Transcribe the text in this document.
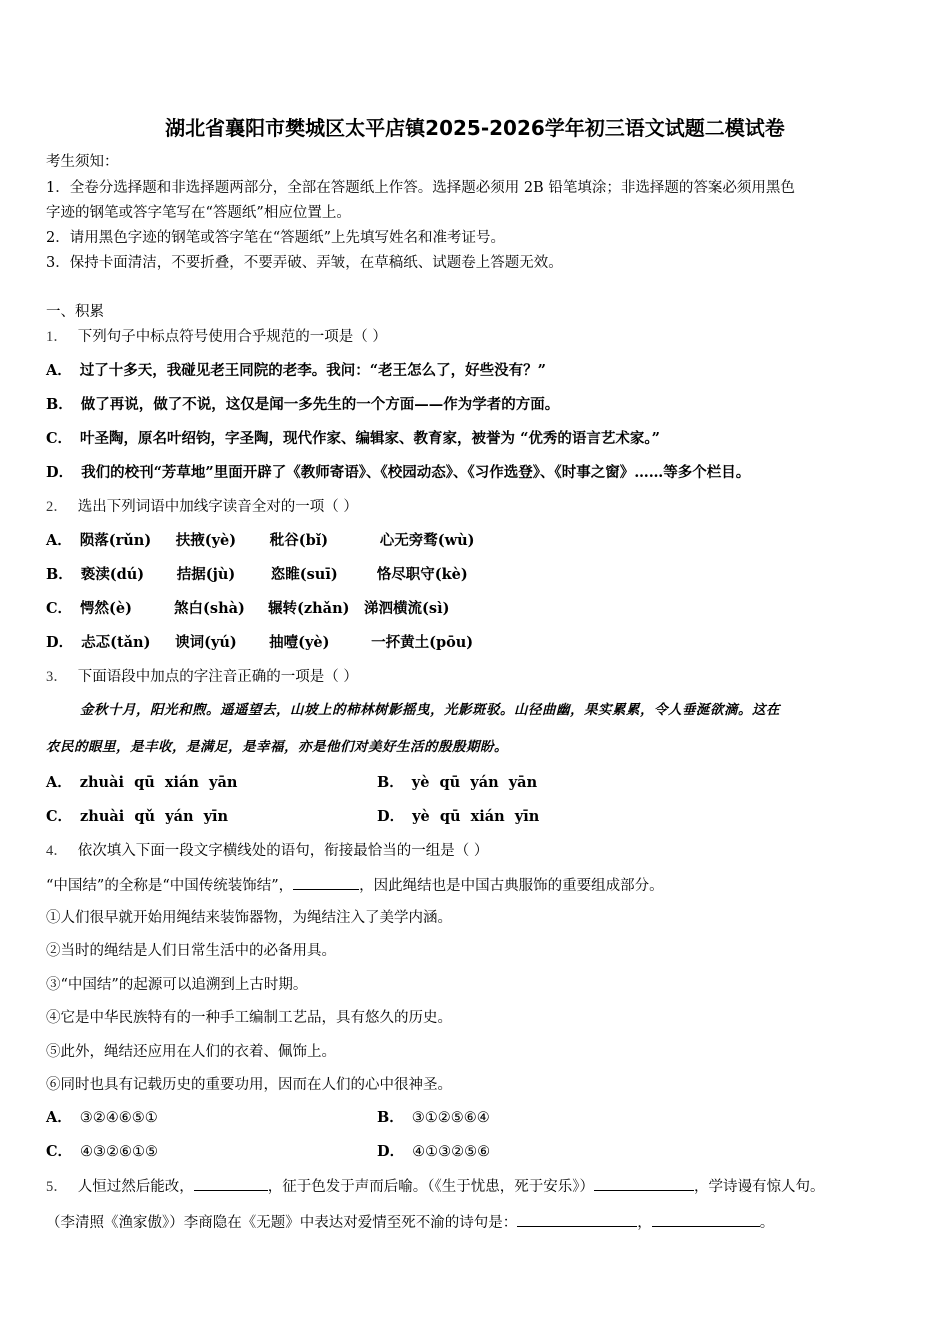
湖北省襄阳市樊城区太平店镇2025-2026学年初三语文试题二模试卷
考生须知：
1．全卷分选择题和非选择题两部分，全部在答题纸上作答。选择题必须用 2B 铅笔填涂；非选择题的答案必须用黑色
字迹的钢笔或答字笔写在“答题纸”相应位置上。
2．请用黑色字迹的钢笔或答字笔在“答题纸”上先填写姓名和准考证号。
3．保持卡面清洁，不要折叠，不要弄破、弄皱，在草稿纸、试题卷上答题无效。
一、积累
1． 下列句子中标点符号使用合乎规范的一项是（ ）
A． 过了十多天，我碰见老王同院的老李。我问：“老王怎么了，好些没有？”
B． 做了再说，做了不说，这仅是闻一多先生的一个方面——作为学者的方面。
C． 叶圣陶，原名叶绍钧，字圣陶，现代作家、编辑家、教育家，被誉为 “优秀的语言艺术家。”
D． 我们的校刊“芳草地”里面开辟了《教师寄语》、《校园动态》、《习作选登》、《时事之窗》……等多个栏目。
2． 选出下列词语中加线字读音全对的一项（ ）
A． 陨落(rǔn) 扶掖(yè) 秕谷(bǐ)	心无旁骛(wù)
B． 亵渎(dú) 拮据(jù) 恣睢(suī)	恪尽职守(kè)
C． 愕然(è)	煞白(shà) 辗转(zhǎn) 涕泗横流(sì)
D． 忐忑(tǎn) 谀词(yú) 抽噎(yè)	一抔黄土(pōu)
3． 下面语段中加点的字注音正确的一项是（ ）
金秋十月，阳光和煦。遥遥望去，山坡上的柿林树影摇曳，光影斑驳。山径曲幽，果实累累，令人垂涎欲滴。这在
农民的眼里，是丰收，是满足，是幸福，亦是他们对美好生活的殷殷期盼。
A． zhuài  qū  xián  yān	B． yè  qū  yán  yān
C． zhuài  qǔ  yán  yīn	D． yè  qū  xián  yīn
4． 依次填入下面一段文字横线处的语句，衔接最恰当的一组是（ ）
“中国结”的全称是“中国传统装饰结”，	，因此绳结也是中国古典服饰的重要组成部分。
①人们很早就开始用绳结来装饰器物，为绳结注入了美学内涵。
②当时的绳结是人们日常生活中的必备用具。
③“中国结”的起源可以追溯到上古时期。
④它是中华民族特有的一种手工编制工艺品，具有悠久的历史。
⑤此外，绳结还应用在人们的衣着、佩饰上。
⑥同时也具有记载历史的重要功用，因而在人们的心中很神圣。
A． ③②④⑥⑤①	B． ③①②⑤⑥④
C． ④③②⑥①⑤	D． ④①③②⑤⑥
5． 人恒过然后能改，	，征于色发于声而后喻。（《生于忧患，死于安乐》）	，学诗谩有惊人句。
（李清照《渔家傲》）李商隐在《无题》中表达对爱情至死不渝的诗句是：	，	。
